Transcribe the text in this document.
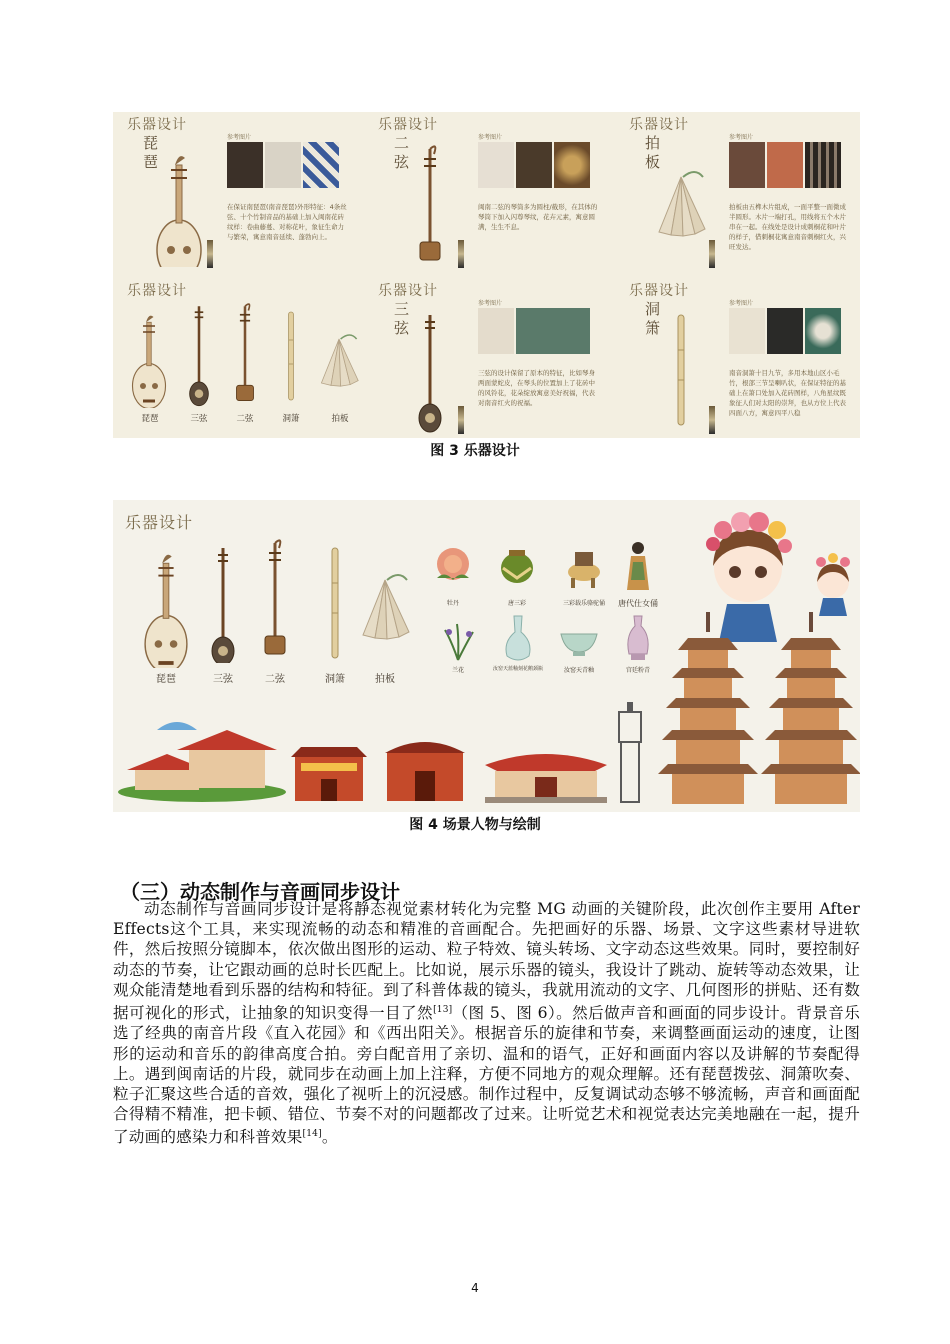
乐器设计
琵琶
参考图片
在保证南琵琶(南音琵琶)外形特征：4条丝弦、十个竹制音品的基础上加入闽南花砖纹样：卷曲藤蔓、对称花叶，象征生命力与繁荣，寓意南音延续、蓬勃向上。
乐器设计
二弦
参考图片
闽南二弦的琴筒多为圆柱/截形，在其体的琴筒下加入闪尊琴纹，花卉元素，寓意圆满，生生不息。
乐器设计
拍板
参考图片
拍板由五榫木片组成，一面平整一面微成半圆形。木片一端打孔，用线将五个木片串在一起。在线处是设计成刺桐花和叶片的样子，借刺桐花寓意南音刺桐红火，兴旺发达。
乐器设计
琵琶	三弦	二弦	洞箫	拍板
乐器设计
三弦
参考图片
三弦的设计保留了原本的特征，比如琴身两面蒙蛇皮，在琴头的位置加上了花砖中的风铃花，花朵绽放寓意美好祝福，代表对南音红火的祝福。
乐器设计
洞箫
参考图片
南音洞箫十目九节，多用本地山区小毛竹，根部三节呈喇叭状，在保证特征的基础上在箫口处加入花砖图样，八角星纹既象征人们对太阳的崇拜，也从方位上代表四面八方，寓意四平八稳
图 3 乐器设计
乐器设计
琵琶	三弦	二弦	洞箫	拍板
牡丹	唐三彩	三彩载乐骆驼俑	唐代仕女俑
兰花	汝窑天蓝釉刻花鹅颈瓶	汝窑天青釉	宫廷粉青
图 4 场景人物与绘制
（三）动态制作与音画同步设计
动态制作与音画同步设计是将静态视觉素材转化为完整 MG 动画的关键阶段，此次创作主要用 After Effects这个工具，来实现流畅的动态和精准的音画配合。先把画好的乐器、场景、文字这些素材导进软件，然后按照分镜脚本，依次做出图形的运动、粒子特效、镜头转场、文字动态这些效果。同时，要控制好动态的节奏，让它跟动画的总时长匹配上。比如说，展示乐器的镜头，我设计了跳动、旋转等动态效果，让观众能清楚地看到乐器的结构和特征。到了科普体裁的镜头，我就用流动的文字、几何图形的拼贴、还有数据可视化的形式，让抽象的知识变得一目了然[13]（图 5、图 6）。然后做声音和画面的同步设计。背景音乐选了经典的南音片段《直入花园》和《西出阳关》。根据音乐的旋律和节奏，来调整画面运动的速度，让图形的运动和音乐的韵律高度合拍。旁白配音用了亲切、温和的语气，正好和画面内容以及讲解的节奏配得上。遇到闽南话的片段，就同步在动画上加上注释，方便不同地方的观众理解。还有琵琶拨弦、洞箫吹奏、粒子汇聚这些合适的音效，强化了视听上的沉浸感。制作过程中，反复调试动态够不够流畅，声音和画面配合得精不精准，把卡顿、错位、节奏不对的问题都改了过来。让听觉艺术和视觉表达完美地融在一起，提升了动画的感染力和科普效果[14]。
4
